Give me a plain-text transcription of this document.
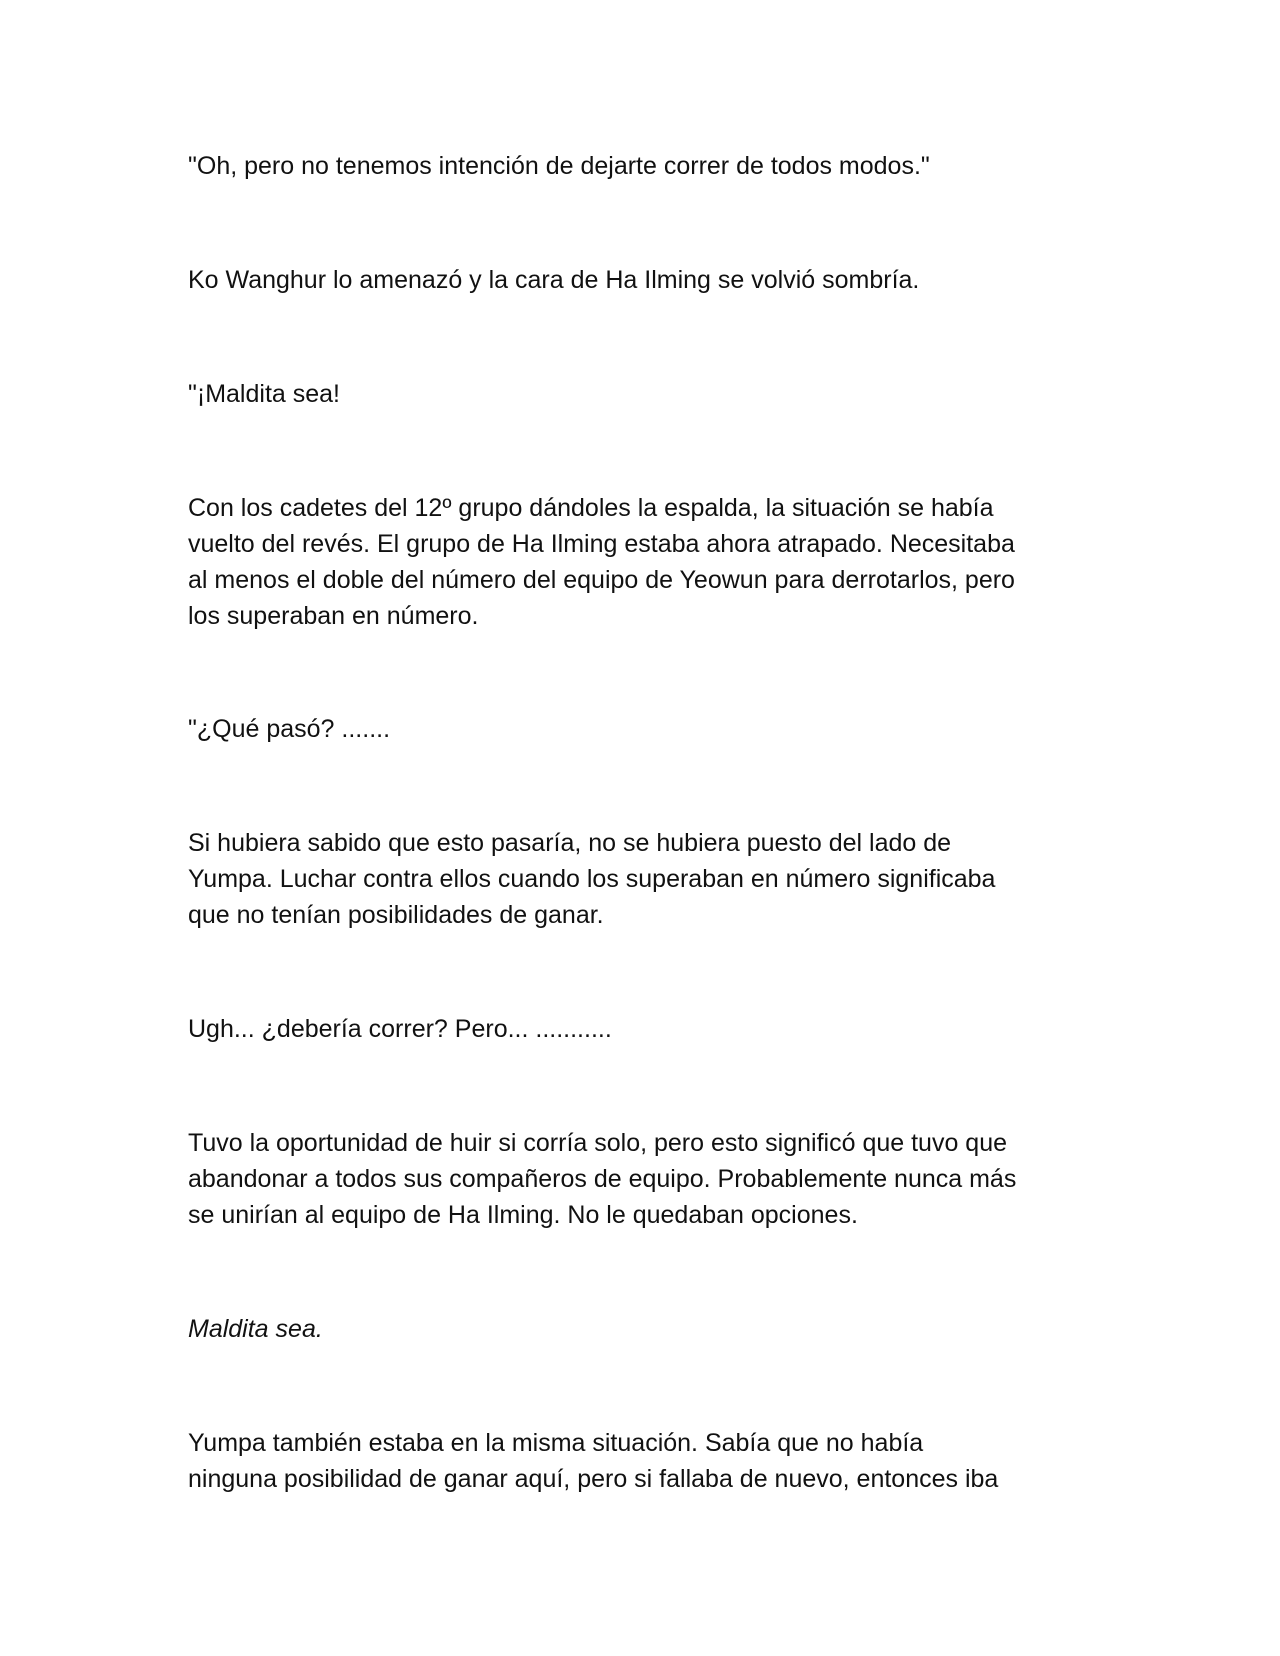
"Oh, pero no tenemos intención de dejarte correr de todos modos."

Ko Wanghur lo amenazó y la cara de Ha Ilming se volvió sombría.

"¡Maldita sea!

Con los cadetes del 12º grupo dándoles la espalda, la situación se había
vuelto del revés. El grupo de Ha Ilming estaba ahora atrapado. Necesitaba
al menos el doble del número del equipo de Yeowun para derrotarlos, pero
los superaban en número.

"¿Qué pasó? .......

Si hubiera sabido que esto pasaría, no se hubiera puesto del lado de
Yumpa. Luchar contra ellos cuando los superaban en número significaba
que no tenían posibilidades de ganar.

Ugh... ¿debería correr? Pero... ...........

Tuvo la oportunidad de huir si corría solo, pero esto significó que tuvo que
abandonar a todos sus compañeros de equipo. Probablemente nunca más
se unirían al equipo de Ha Ilming. No le quedaban opciones.

Maldita sea.

Yumpa también estaba en la misma situación. Sabía que no había
ninguna posibilidad de ganar aquí, pero si fallaba de nuevo, entonces iba
